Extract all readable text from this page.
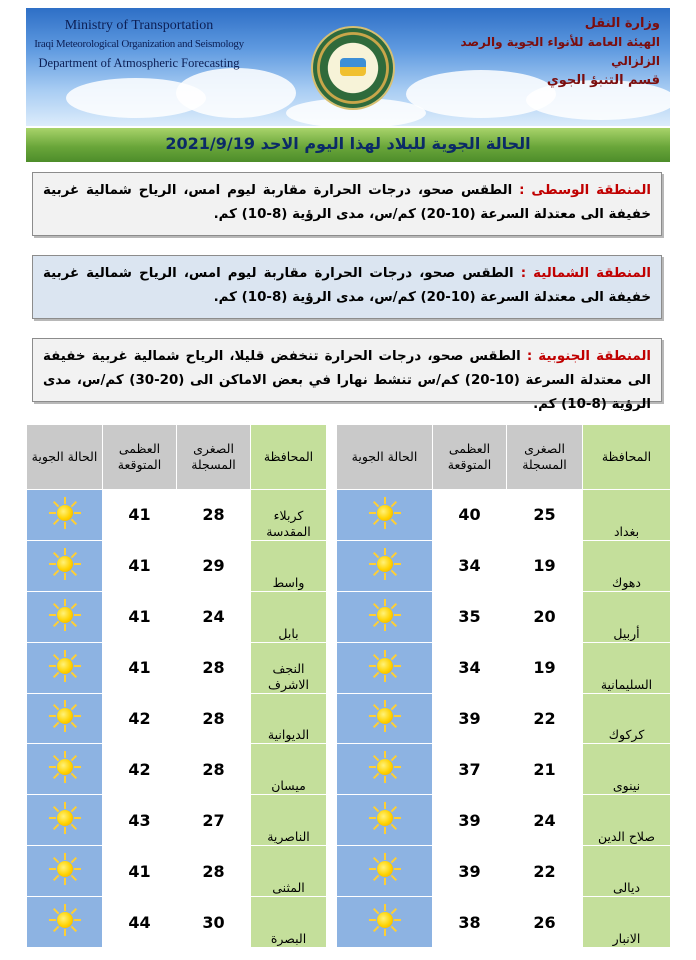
Ministry of Transportation
Iraqi Meteorological Organization and Seismology
Department of Atmospheric Forecasting
وزارة النقل
الهيئة العامة للأنواء الجوية والرصد الزلزالي
قسم التنبؤ الجوي
الحالة الجوية للبلاد لهذا اليوم الاحد 2021/9/19
المنطقة الوسطى : الطقس صحو، درجات الحرارة مقاربة ليوم امس، الرياح شمالية غربية خفيفة الى معتدلة السرعة (10-20) كم/س، مدى الرؤية (8-10) كم.
المنطقة الشمالية : الطقس صحو، درجات الحرارة مقاربة ليوم امس، الرياح شمالية غربية خفيفة الى معتدلة السرعة (10-20) كم/س، مدى الرؤية (8-10) كم.
المنطقة الجنوبية : الطقس صحو، درجات الحرارة تنخفض قليلا، الرياح شمالية غربية خفيفة الى معتدلة السرعة (10-20) كم/س تنشط نهارا في بعض الاماكن الى (20-30) كم/س، مدى الرؤية (8-10) كم.
المحافظة	الصغرى المسجلة	العظمى المتوقعة	الحالة الجوية		المحافظة	الصغرى المسجلة	العظمى المتوقعة	الحالة الجوية
بغداد	25	40			كربلاء المقدسة	28	41	

دهوك	19	34			واسط	29	41	

أربيل	20	35			بابل	24	41	

السليمانية	19	34			النجف الاشرف	28	41	

كركوك	22	39			الديوانية	28	42	

نينوى	21	37			ميسان	28	42	

صلاح الدين	24	39			الناصرية	27	43	

ديالى	22	39			المثنى	28	41	

الانبار	26	38			البصرة	30	44	
